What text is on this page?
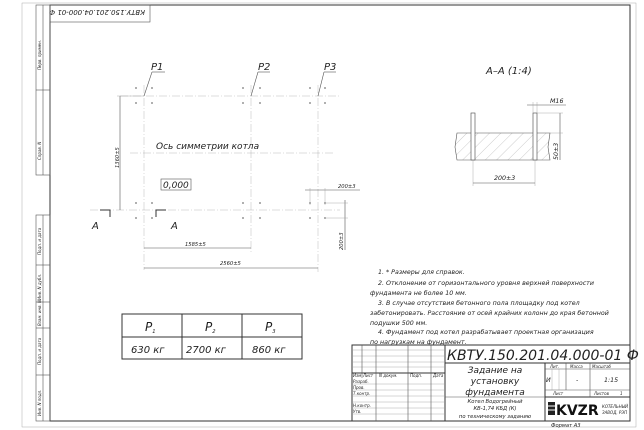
КВТУ.150.201.04.000-01 Ф
Перв. примен.
Справ. N
Подп. и дата
Инв. N дубл.
Взам. инв. N
Подп. и дата
Инв. N подл.
P1	P2	P3
Ось симметрии котла
0,000
1360±5
1585±5
2560±5
200±3
200±3
А	А
А–А (1:4)
200±3
M16
50±3
1. * Размеры для справок.
2. Отклонение от горизонтального уровня верхней поверхности
фундамента не более 10 мм.
3. В случае отсутствия бетонного пола площадку под котел
забетонировать. Расстояние от осей крайних колонн до края бетонной
подушки 500 мм.
4. Фундамент под котел разрабатывает проектная организация
по нагрузкам на фундамент.
P1	P2	P3
630 кг 2700 кг	860 кг
Изм Лист N докум.	Подп.	Дата
Разраб.
Пров.
Т.контр.
Н.контр.
Утв.
КВТУ.150.201.04.000-01 Ф
Задание на
установку
фундамента
Котел Водогрейный
КВ-1,74 КБД (К)
по техническому заданию
Лит.	Масса Масштаб
И	-	1:15
Лист	Листов	1
KVZR КОТЕЛЬНЫЙ
ЗАВОД, РЭП
Формат А3
